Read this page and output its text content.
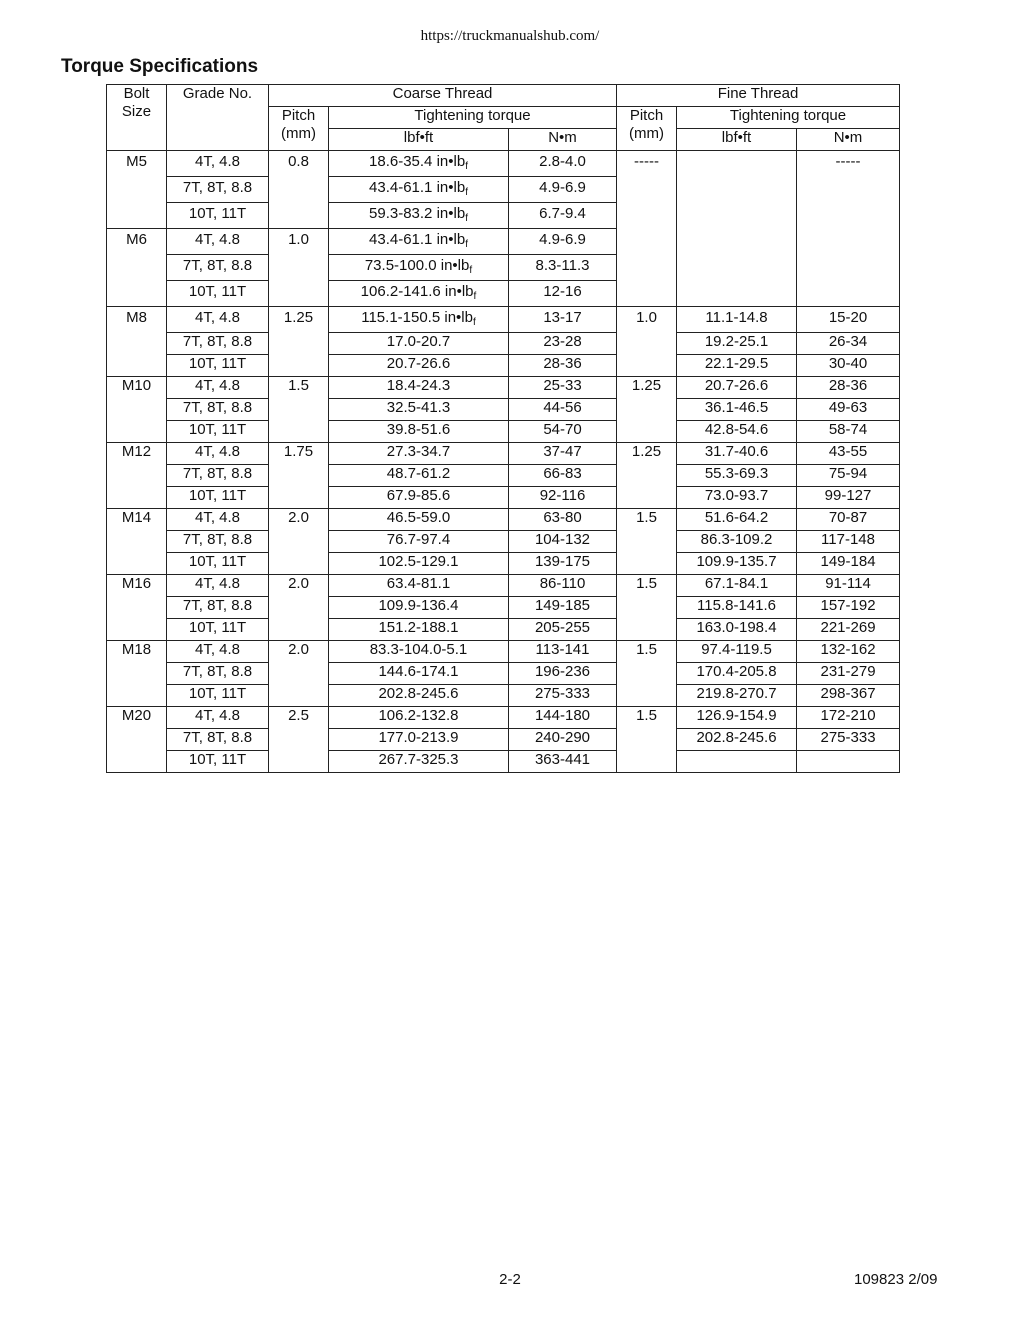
https://truckmanualshub.com/
Torque Specifications
Bolt Size	Grade No.	Coarse Thread			Fine Thread		
		Pitch (mm)	Tightening torque		Pitch (mm)	Tightening torque	
			lbf•ft	N•m		lbf•ft	N•m
M5	4T, 4.8	0.8	18.6-35.4 $in•lb_f$	2.8-4.0	-----		-----
	7T, 8T, 8.8		43.4-61.1 $in•lb_f$	4.9-6.9			
	10T, 11T		59.3-83.2 $in•lb_f$	6.7-9.4			
M6	4T, 4.8	1.0	43.4-61.1 $in•lb_f$	4.9-6.9			
	7T, 8T, 8.8		73.5-100.0 $in•lb_f$	8.3-11.3			
	10T, 11T		106.2-141.6 $in•lb_f$	12-16			
M8	4T, 4.8	1.25	115.1-150.5 $in•lb_f$	13-17	1.0	11.1-14.8	15-20
	7T, 8T, 8.8		17.0-20.7	23-28		19.2-25.1	26-34
	10T, 11T		20.7-26.6	28-36		22.1-29.5	30-40
M10	4T, 4.8	1.5	18.4-24.3	25-33	1.25	20.7-26.6	28-36
	7T, 8T, 8.8		32.5-41.3	44-56		36.1-46.5	49-63
	10T, 11T		39.8-51.6	54-70		42.8-54.6	58-74
M12	4T, 4.8	1.75	27.3-34.7	37-47	1.25	31.7-40.6	43-55
	7T, 8T, 8.8		48.7-61.2	66-83		55.3-69.3	75-94
	10T, 11T		67.9-85.6	92-116		73.0-93.7	99-127
M14	4T, 4.8	2.0	46.5-59.0	63-80	1.5	51.6-64.2	70-87
	7T, 8T, 8.8		76.7-97.4	104-132		86.3-109.2	117-148
	10T, 11T		102.5-129.1	139-175		109.9-135.7	149-184
M16	4T, 4.8	2.0	63.4-81.1	86-110	1.5	67.1-84.1	91-114
	7T, 8T, 8.8		109.9-136.4	149-185		115.8-141.6	157-192
	10T, 11T		151.2-188.1	205-255		163.0-198.4	221-269
M18	4T, 4.8	2.0	83.3-104.0-5.1	113-141	1.5	97.4-119.5	132-162
	7T, 8T, 8.8		144.6-174.1	196-236		170.4-205.8	231-279
	10T, 11T		202.8-245.6	275-333		219.8-270.7	298-367
M20	4T, 4.8	2.5	106.2-132.8	144-180	1.5	126.9-154.9	172-210
	7T, 8T, 8.8		177.0-213.9	240-290		202.8-245.6	275-333
	10T, 11T		267.7-325.3	363-441			
2-2	109823 2/09
